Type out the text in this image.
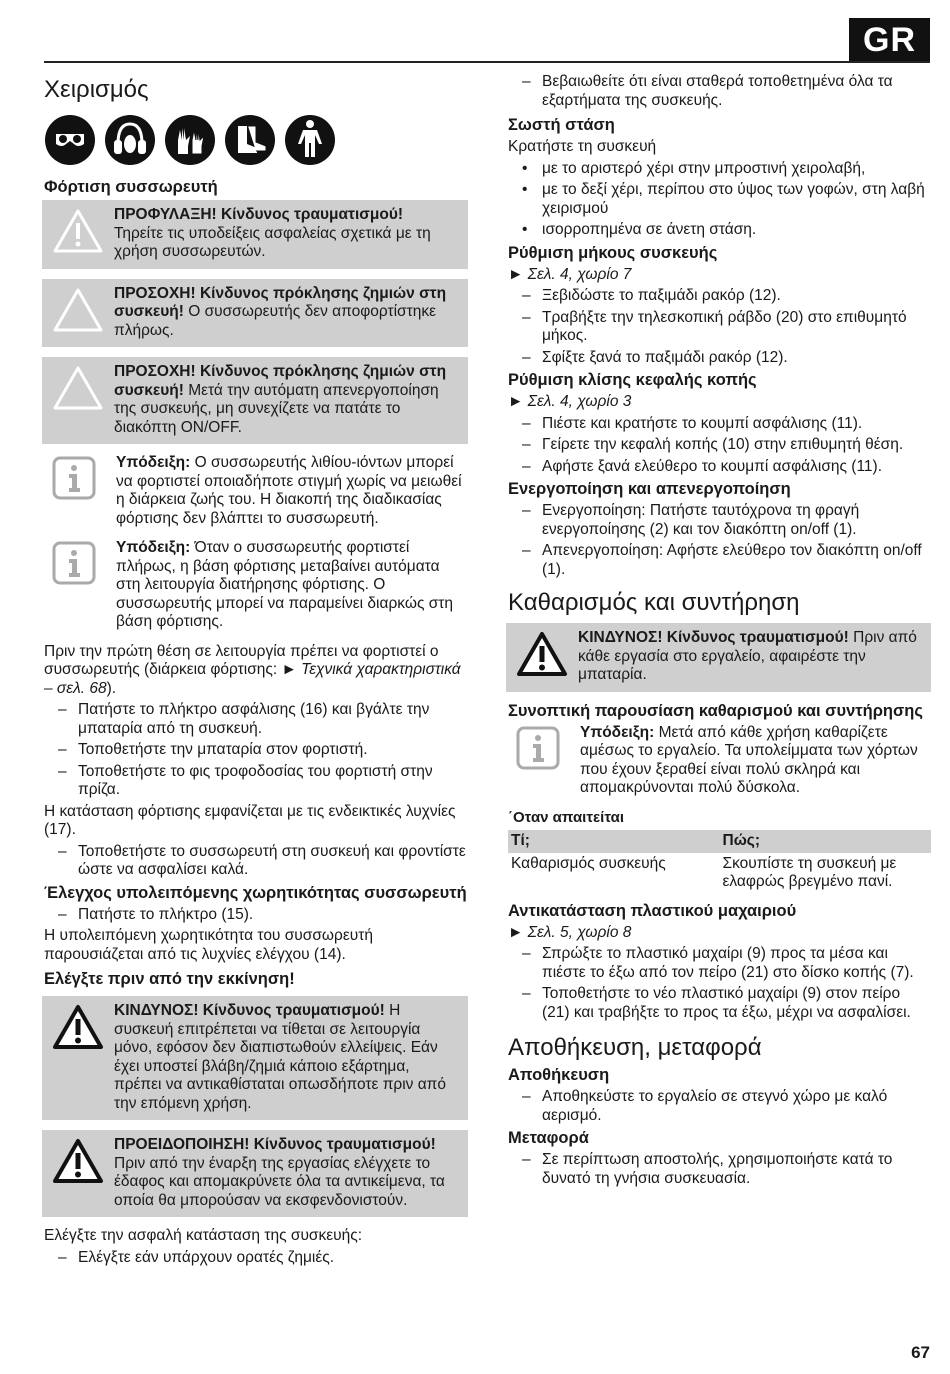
GR
Χειρισμός
Φόρτιση συσσωρευτή
ΠΡΟΦΥΛΑΞΗ! Κίνδυνος τραυματισμού! Τηρείτε τις υποδείξεις ασφαλείας σχετικά με τη χρήση συσσωρευτών.
ΠΡΟΣΟΧΗ! Κίνδυνος πρόκλησης ζημιών στη συσκευή! Ο συσσωρευτής δεν αποφορτίστηκε πλήρως.
ΠΡΟΣΟΧΗ! Κίνδυνος πρόκλησης ζημιών στη συσκευή! Μετά την αυτόματη απενεργοποίηση της συσκευής, μη συνεχίζετε να πατάτε το διακόπτη ON/OFF.
Υπόδειξη: Ο συσσωρευτής λιθίου-ιόντων μπορεί να φορτιστεί οποιαδήποτε στιγμή χωρίς να μειωθεί η διάρκεια ζωής του. Η διακοπή της διαδικασίας φόρτισης δεν βλάπτει το συσσωρευτή.
Υπόδειξη: Όταν ο συσσωρευτής φορτιστεί πλήρως, η βάση φόρτισης μεταβαίνει αυτόματα στη λειτουργία διατήρησης φόρτισης. Ο συσσωρευτής μπορεί να παραμείνει διαρκώς στη βάση φόρτισης.

Πριν την πρώτη θέση σε λειτουργία πρέπει να φορτιστεί ο συσσωρευτής (διάρκεια φόρτισης: ► Τεχνικά χαρακτηριστικά – σελ. 68).

– Πατήστε το πλήκτρο ασφάλισης (16) και βγάλτε την μπαταρία από τη συσκευή.
– Τοποθετήστε την μπαταρία στον φορτιστή.
– Τοποθετήστε το φις τροφοδοσίας του φορτιστή στην πρίζα.

Η κατάσταση φόρτισης εμφανίζεται με τις ενδεικτικές λυχνίες (17).

– Τοποθετήστε το συσσωρευτή στη συσκευή και φροντίστε ώστε να ασφαλίσει καλά.
Έλεγχος υπολειπόμενης χωρητικότητας συσσωρευτή
– Πατήστε το πλήκτρο (15).

Η υπολειπόμενη χωρητικότητα του συσσωρευτή παρουσιάζεται από τις λυχνίες ελέγχου (14).

Ελέγξτε πριν από την εκκίνηση!
ΚΙΝΔΥΝΟΣ! Κίνδυνος τραυματισμού! Η συσκευή επιτρέπεται να τίθεται σε λειτουργία μόνο, εφόσον δεν διαπιστωθούν ελλείψεις. Εάν έχει υποστεί βλάβη/ζημιά κάποιο εξάρτημα, πρέπει να αντικαθίσταται οπωσδήποτε πριν από την επόμενη χρήση.
ΠΡΟΕΙΔΟΠΟΙΗΣΗ! Κίνδυνος τραυματισμού! Πριν από την έναρξη της εργασίας ελέγχετε το έδαφος και απομακρύνετε όλα τα αντικείμενα, τα οποία θα μπορούσαν να εκσφενδονιστούν.

Ελέγξτε την ασφαλή κατάσταση της συσκευής:

– Ελέγξτε εάν υπάρχουν ορατές ζημιές.
– Βεβαιωθείτε ότι είναι σταθερά τοποθετημένα όλα τα εξαρτήματα της συσκευής.
Σωστή στάση

Κρατήστε τη συσκευή

• με το αριστερό χέρι στην μπροστινή χειρολαβή,
• με το δεξί χέρι, περίπου στο ύψος των γοφών, στη λαβή χειρισμού
• ισορροπημένα σε άνετη στάση.
Ρύθμιση μήκους συσκευής

► Σελ. 4, χωρίο 7

– Ξεβιδώστε το παξιμάδι ρακόρ (12).
– Τραβήξτε την τηλεσκοπική ράβδο (20) στο επιθυμητό μήκος.
– Σφίξτε ξανά το παξιμάδι ρακόρ (12).
Ρύθμιση κλίσης κεφαλής κοπής

► Σελ. 4, χωρίο 3

– Πιέστε και κρατήστε το κουμπί ασφάλισης (11).
– Γείρετε την κεφαλή κοπής (10) στην επιθυμητή θέση.
– Αφήστε ξανά ελεύθερο το κουμπί ασφάλισης (11).
Ενεργοποίηση και απενεργοποίηση
– Ενεργοποίηση: Πατήστε ταυτόχρονα τη φραγή ενεργοποίησης (2) και τον διακόπτη on/off (1).
– Απενεργοποίηση: Αφήστε ελεύθερο τον διακόπτη on/off (1).
Καθαρισμός και συντήρηση
ΚΙΝΔΥΝΟΣ! Κίνδυνος τραυματισμού! Πριν από κάθε εργασία στο εργαλείο, αφαιρέστε την μπαταρία.
Συνοπτική παρουσίαση καθαρισμού και συντήρησης
Υπόδειξη: Μετά από κάθε χρήση καθαρίζετε αμέσως το εργαλείο. Τα υπολείμματα των χόρτων που έχουν ξεραθεί είναι πολύ σκληρά και απομακρύνονται πολύ δύσκολα.
΄Οταν απαιτείται
Τί;	Πώς;
Καθαρισμός συσκευής	Σκουπίστε τη συσκευή με ελαφρώς βρεγμένο πανί.
Αντικατάσταση πλαστικού μαχαιριού

► Σελ. 5, χωρίο 8

– Σπρώξτε το πλαστικό μαχαίρι (9) προς τα μέσα και πιέστε το έξω από τον πείρο (21) στο δίσκο κοπής (7).
– Τοποθετήστε το νέο πλαστικό μαχαίρι (9) στον πείρο (21) και τραβήξτε το προς τα έξω, μέχρι να ασφαλίσει.
Αποθήκευση, μεταφορά
Αποθήκευση
– Αποθηκεύστε το εργαλείο σε στεγνό χώρο με καλό αερισμό.
Μεταφορά
– Σε περίπτωση αποστολής, χρησιμοποιήστε κατά το δυνατό τη γνήσια συσκευασία.
67
